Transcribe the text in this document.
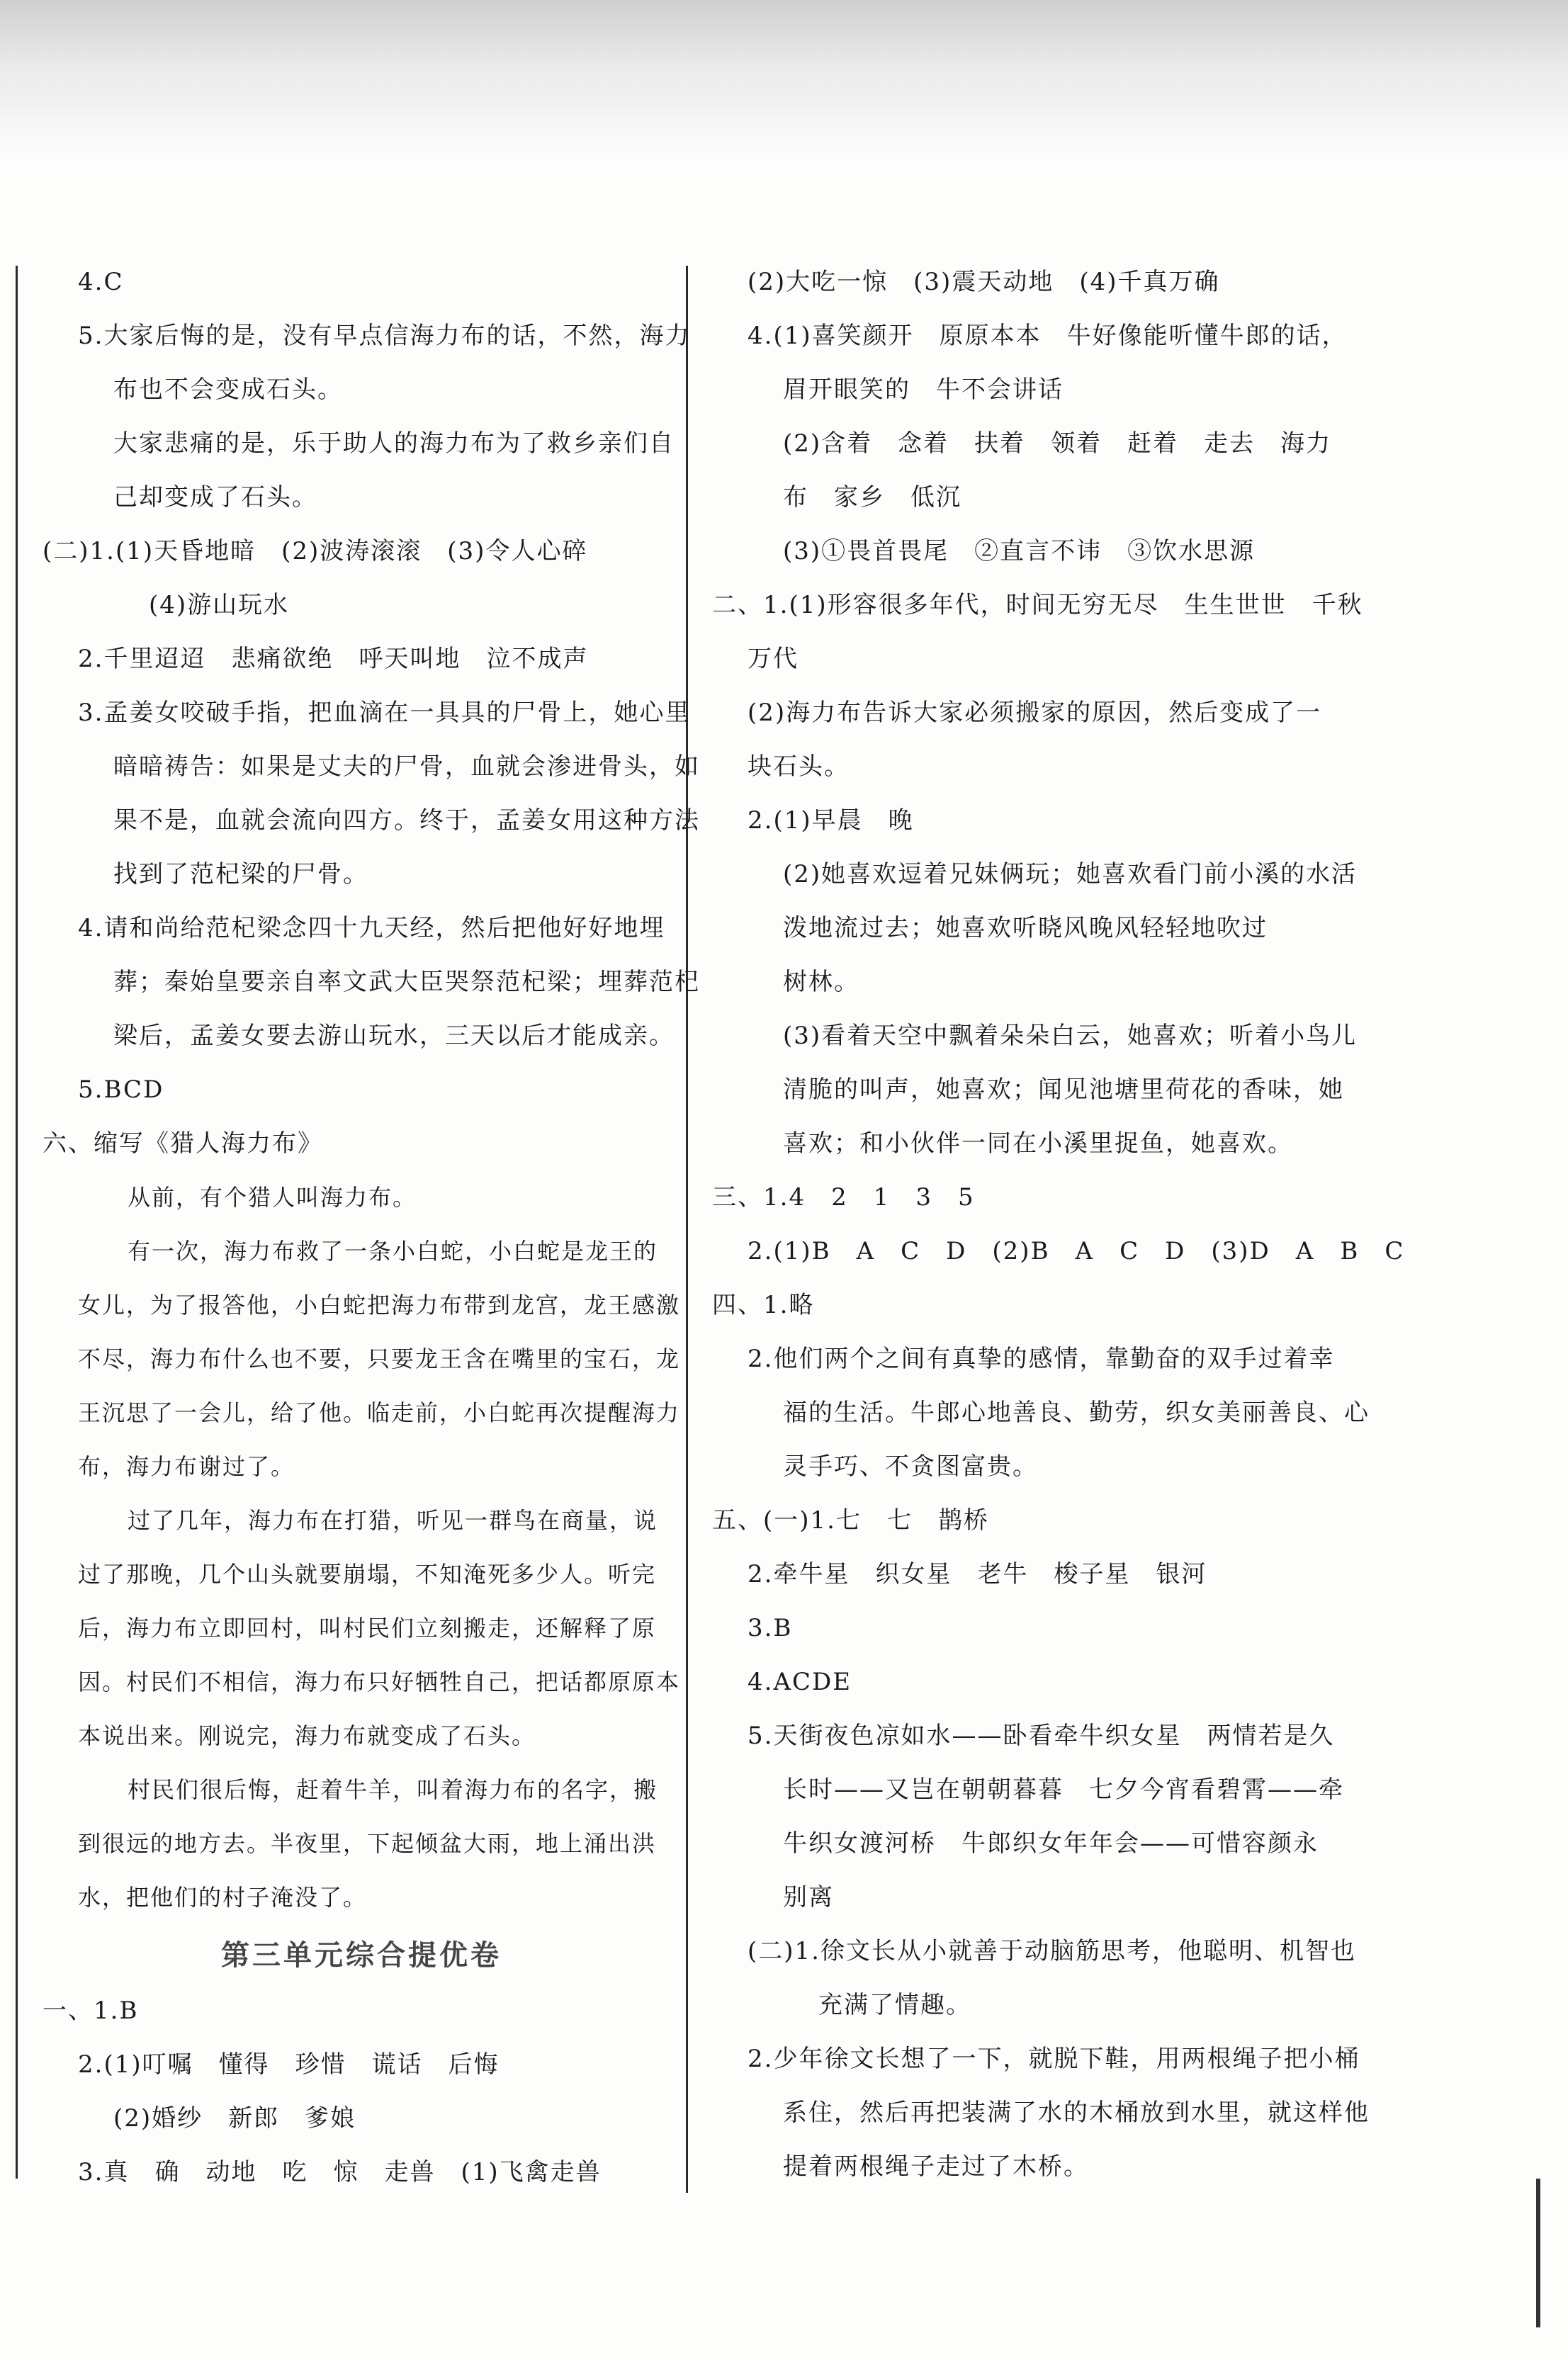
4.C

5.大家后悔的是，没有早点信海力布的话，不然，海力

布也不会变成石头。

大家悲痛的是，乐于助人的海力布为了救乡亲们自

己却变成了石头。

(二)1.(1)天昏地暗　(2)波涛滚滚　(3)令人心碎

(4)游山玩水

2.千里迢迢　悲痛欲绝　呼天叫地　泣不成声

3.孟姜女咬破手指，把血滴在一具具的尸骨上，她心里

暗暗祷告：如果是丈夫的尸骨，血就会渗进骨头，如

果不是，血就会流向四方。终于，孟姜女用这种方法

找到了范杞梁的尸骨。

4.请和尚给范杞梁念四十九天经，然后把他好好地埋

葬；秦始皇要亲自率文武大臣哭祭范杞梁；埋葬范杞

梁后，孟姜女要去游山玩水，三天以后才能成亲。

5.BCD

六、缩写《猎人海力布》

从前，有个猎人叫海力布。

有一次，海力布救了一条小白蛇，小白蛇是龙王的女儿，为了报答他，小白蛇把海力布带到龙宫，龙王感激不尽，海力布什么也不要，只要龙王含在嘴里的宝石，龙王沉思了一会儿，给了他。临走前，小白蛇再次提醒海力布，海力布谢过了。

过了几年，海力布在打猎，听见一群鸟在商量，说过了那晚，几个山头就要崩塌，不知淹死多少人。听完后，海力布立即回村，叫村民们立刻搬走，还解释了原因。村民们不相信，海力布只好牺牲自己，把话都原原本本说出来。刚说完，海力布就变成了石头。

村民们很后悔，赶着牛羊，叫着海力布的名字，搬到很远的地方去。半夜里，下起倾盆大雨，地上涌出洪水，把他们的村子淹没了。

第三单元综合提优卷

一、1.B

2.(1)叮嘱　懂得　珍惜　谎话　后悔

(2)婚纱　新郎　爹娘

3.真　确　动地　吃　惊　走兽　(1)飞禽走兽

(2)大吃一惊　(3)震天动地　(4)千真万确

4.(1)喜笑颜开　原原本本　牛好像能听懂牛郎的话，

眉开眼笑的　牛不会讲话

(2)含着　念着　扶着　领着　赶着　走去　海力

布　家乡　低沉

(3)①畏首畏尾　②直言不讳　③饮水思源

二、1.(1)形容很多年代，时间无穷无尽　生生世世　千秋

万代

(2)海力布告诉大家必须搬家的原因，然后变成了一

块石头。

2.(1)早晨　晚

(2)她喜欢逗着兄妹俩玩；她喜欢看门前小溪的水活

泼地流过去；她喜欢听晓风晚风轻轻地吹过

树林。

(3)看着天空中飘着朵朵白云，她喜欢；听着小鸟儿

清脆的叫声，她喜欢；闻见池塘里荷花的香味，她

喜欢；和小伙伴一同在小溪里捉鱼，她喜欢。

三、1.4　2　1　3　5

2.(1)B　A　C　D　(2)B　A　C　D　(3)D　A　B　C

四、1.略

2.他们两个之间有真挚的感情，靠勤奋的双手过着幸

福的生活。牛郎心地善良、勤劳，织女美丽善良、心

灵手巧、不贪图富贵。

五、(一)1.七　七　鹊桥

2.牵牛星　织女星　老牛　梭子星　银河

3.B

4.ACDE

5.天街夜色凉如水——卧看牵牛织女星　两情若是久

长时——又岂在朝朝暮暮　七夕今宵看碧霄——牵

牛织女渡河桥　牛郎织女年年会——可惜容颜永

别离

(二)1.徐文长从小就善于动脑筋思考，他聪明、机智也

充满了情趣。

2.少年徐文长想了一下，就脱下鞋，用两根绳子把小桶

系住，然后再把装满了水的木桶放到水里，就这样他

提着两根绳子走过了木桥。
